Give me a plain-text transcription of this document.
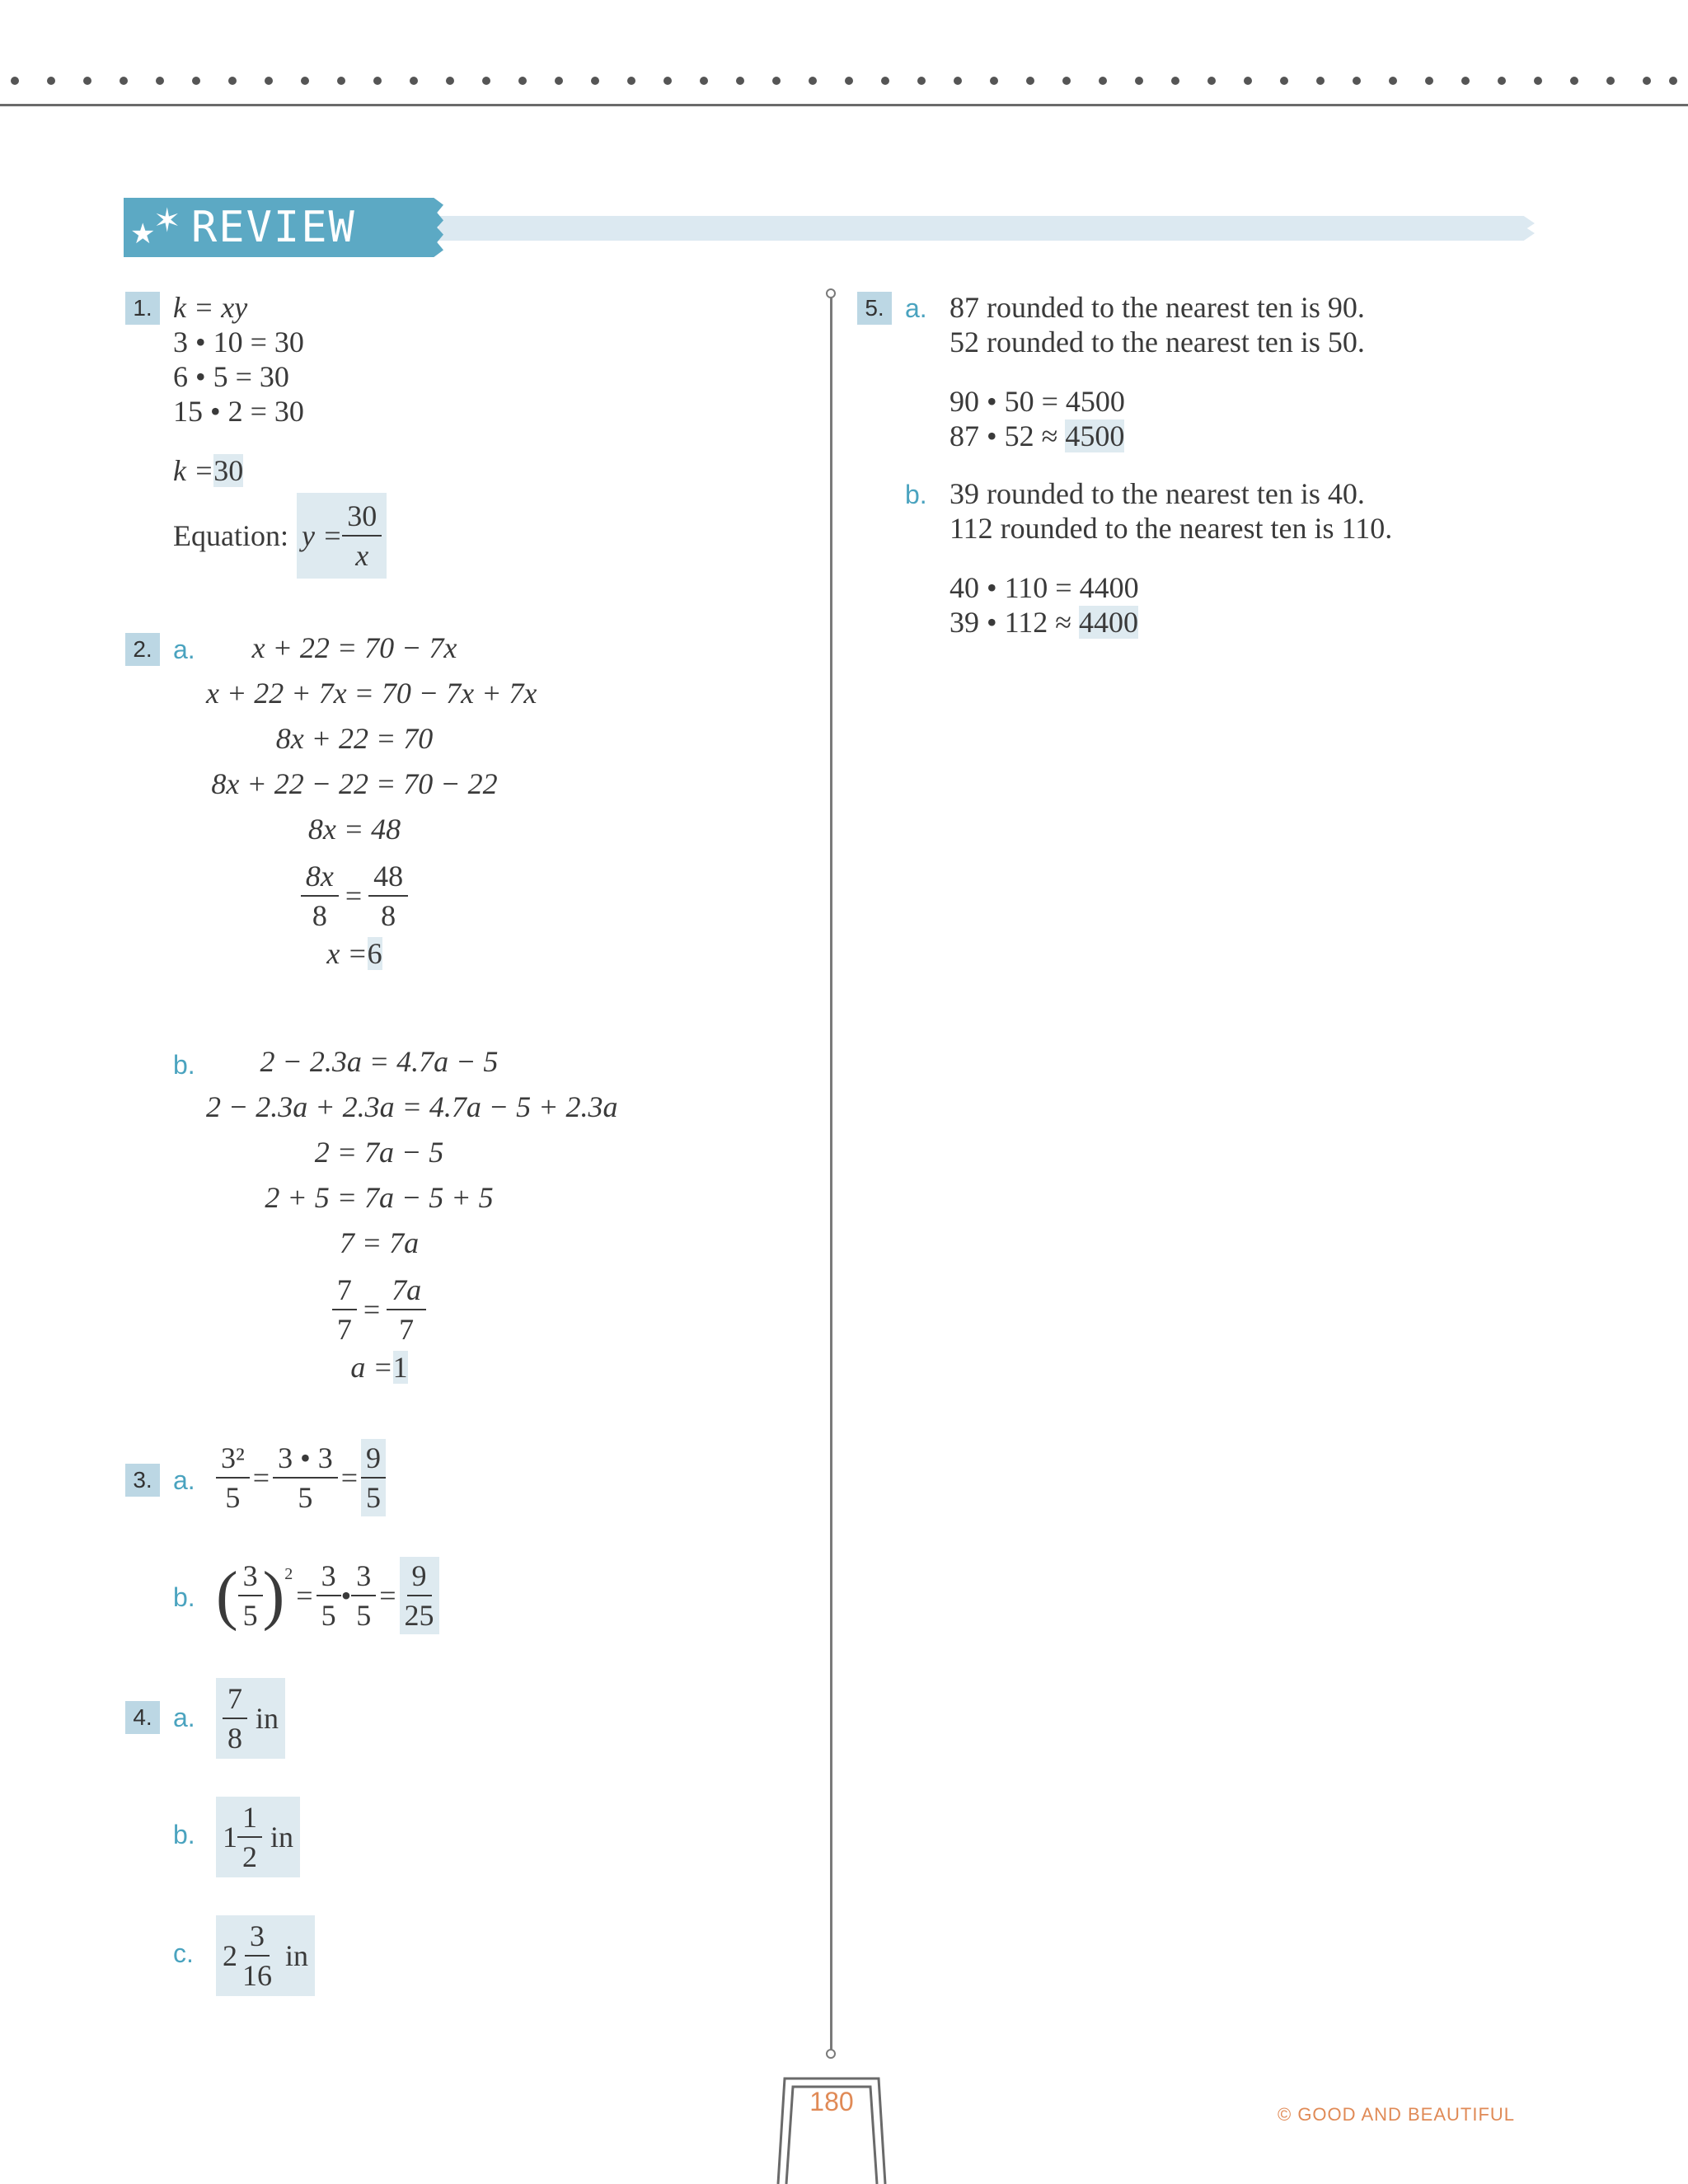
★
✶ REVIEW
1. k = xy
3 • 10 = 30
6 • 5 = 30
15 • 2 = 30
k =30
Equation: $y = \frac{30}{x}$
2. a.	x + 22 = 70 − 7x
x + 22 + 7x = 70 − 7x + 7x
8x + 22 = 70
8x + 22 − 22 = 70 − 22
8x = 48
$\frac{8x}{8} = \frac{48}{8}$
x =6
b.	2 − 2.3a = 4.7a − 5
2 − 2.3a + 2.3a = 4.7a − 5 + 2.3a
2 = 7a − 5
2 + 5 = 7a − 5 + 5
7 = 7a
$\frac{7}{7} = \frac{7a}{7}$
a =1
3. a. $\frac{\text{3²}}{5} = \frac{3 • 3}{5} = \frac{9}{5}$
b. ( $\frac{3}{5}$ ) 2
= $\frac{3}{5}$ • $\frac{3}{5} = \frac{9}{25}$
4. a. $\frac{7}{8}$ in
b. $1 \frac{1}{2}$ in
c. $2 \frac{3}{16}$ in
5. a. 87 rounded to the nearest ten is 90.
52 rounded to the nearest ten is 50.
90 • 50 = 4500
87 • 52 ≈ 4500
b. 39 rounded to the nearest ten is 40.
112 rounded to the nearest ten is 110.
40 • 110 = 4400
39 • 112 ≈ 4400
180	© GOOD AND BEAUTIFUL
